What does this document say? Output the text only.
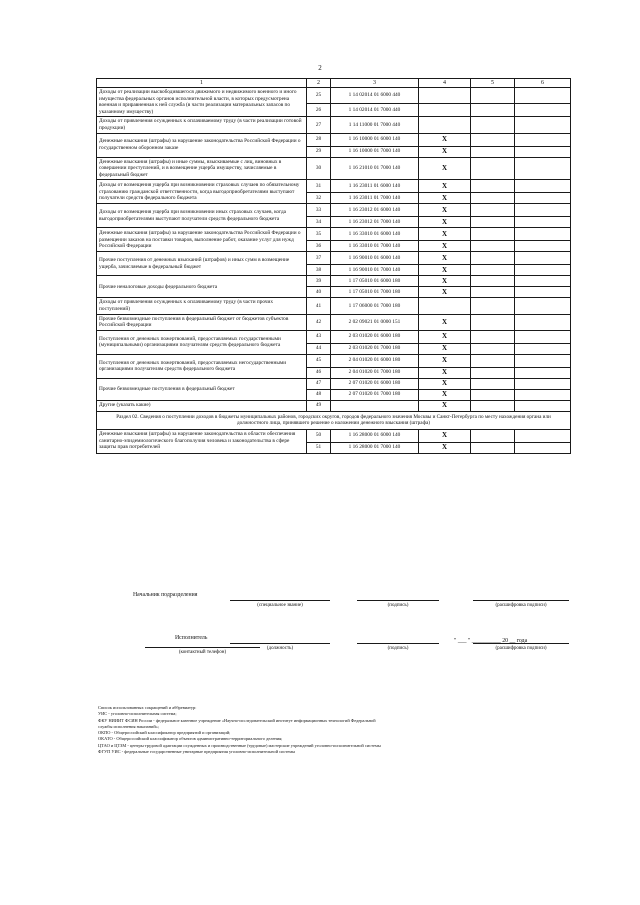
2
1	2	3	4	5	6
Доходы от реализации высвободившегося движимого и недвижимого военного и иного имущества федеральных органов исполнительной власти, в которых предусмотрена военная и приравненная к ней служба (в части реализации материальных запасов по указанному имуществу)	25	1 14 02014 01 6000 440			
	26	1 14 02014 01 7000 440			
Доходы от привлечения осужденных к оплачиваемому труду (в части реализации готовой продукции)	27	1 14 11000 01 7000 440			
Денежные взыскания (штрафы) за нарушение законодательства Российской Федерации о государственном оборонном заказе	28	1 16 10000 01 6000 140	X		
	29	1 16 10000 01 7000 140	X		
Денежные взыскания (штрафы) и иные суммы, взыскиваемые с лиц, виновных в совершении преступлений, и в возмещение ущерба имуществу, зачисляемые в федеральный бюджет	30	1 16 21010 01 7000 140	X		
Доходы от возмещения ущерба при возникновении страховых случаев по обязательному страхованию гражданской ответственности, когда выгодоприобретателями выступают получатели средств федерального бюджета	31	1 16 23011 01 6000 140	X		
	32	1 16 23011 01 7000 140	X		
Доходы от возмещения ущерба при возникновении иных страховых случаев, когда выгодоприобретателями выступают получатели средств федерального бюджета	33	1 16 23012 01 6000 140	X		
	34	1 16 23012 01 7000 140	X		
Денежные взыскания (штрафы) за нарушение законодательства Российской Федерации о размещении заказов на поставки товаров, выполнение работ, оказание услуг для нужд Российской Федерации	35	1 16 33010 01 6000 140	X		
	36	1 16 33010 01 7000 140	X		
Прочие поступления от денежных взысканий (штрафов) и иных сумм в возмещение ущерба, зачисляемые в федеральный бюджет	37	1 16 90010 01 6000 140	X		
	38	1 16 90010 01 7000 140	X		
Прочие неналоговые доходы федерального бюджета	39	1 17 05010 01 6000 180	X		
	40	1 17 05010 01 7000 180	X		
Доходы от привлечения осужденных к оплачиваемому труду (в части прочих поступлений)	41	1 17 06000 01 7000 180			
Прочие безвозмездные поступления в федеральный бюджет от бюджетов субъектов Российской Федерации	42	2 02 09021 01 0000 151	X		
Поступления от денежных пожертвований, предоставляемых государственными (муниципальными) организациями получателям средств федерального бюджета	43	2 03 01020 01 6000 180	X		
	44	2 03 01020 01 7000 180	X		
Поступления от денежных пожертвований, предоставляемых негосударственными организациями получателям средств федерального бюджета	45	2 04 01020 01 6000 180	X		
	46	2 04 01020 01 7000 180	X		
Прочие безвозмездные поступления в федеральный бюджет	47	2 07 01020 01 6000 180	X		
	48	2 07 01020 01 7000 180	X		
Другие (указать какие)	49		X		
Раздел 02. Сведения о поступлении доходов в бюджеты муниципальных районов, городских округов, городов федерального значения Москвы и Санкт-Петербурга по месту нахождения органа или должностного лица, принявшего решение о наложении денежного взыскания (штрафа)					
Денежные взыскания (штрафы) за нарушение законодательства в области обеспечения санитарно-эпидемиологического благополучия человека и законодательства в сфере защиты прав потребителей	50	1 16 28000 01 6000 140	X		
	51	1 16 28000 01 7000 140	X		
Начальник подразделения
(специальное звание)	(подпись)	(расшифровка подписи)
Исполнитель
(должность)	(подпись)	(расшифровка подписи)
(контактный телефон)
" ___ " __________ 20 __ года
Список использованных сокращений и аббревиатур:
УИС - уголовно-исполнительная система;
ФКУ НИИИТ ФСИН России - федеральное казенное учреждение «Научно-исследовательский институт информационных технологий Федеральной
службы исполнения наказаний»;
ОКПО - Общероссийский классификатор предприятий и организаций;
ОКАТО - Общероссийский классификатор объектов административно-территориального деления;
ЦТАО и ЦТЗМ - центры трудовой адаптации осужденных и производственные (трудовые) мастерские учреждений уголовно-исполнительной системы
ФГУП УИС - федеральные государственные унитарные предприятия уголовно-исполнительной системы
